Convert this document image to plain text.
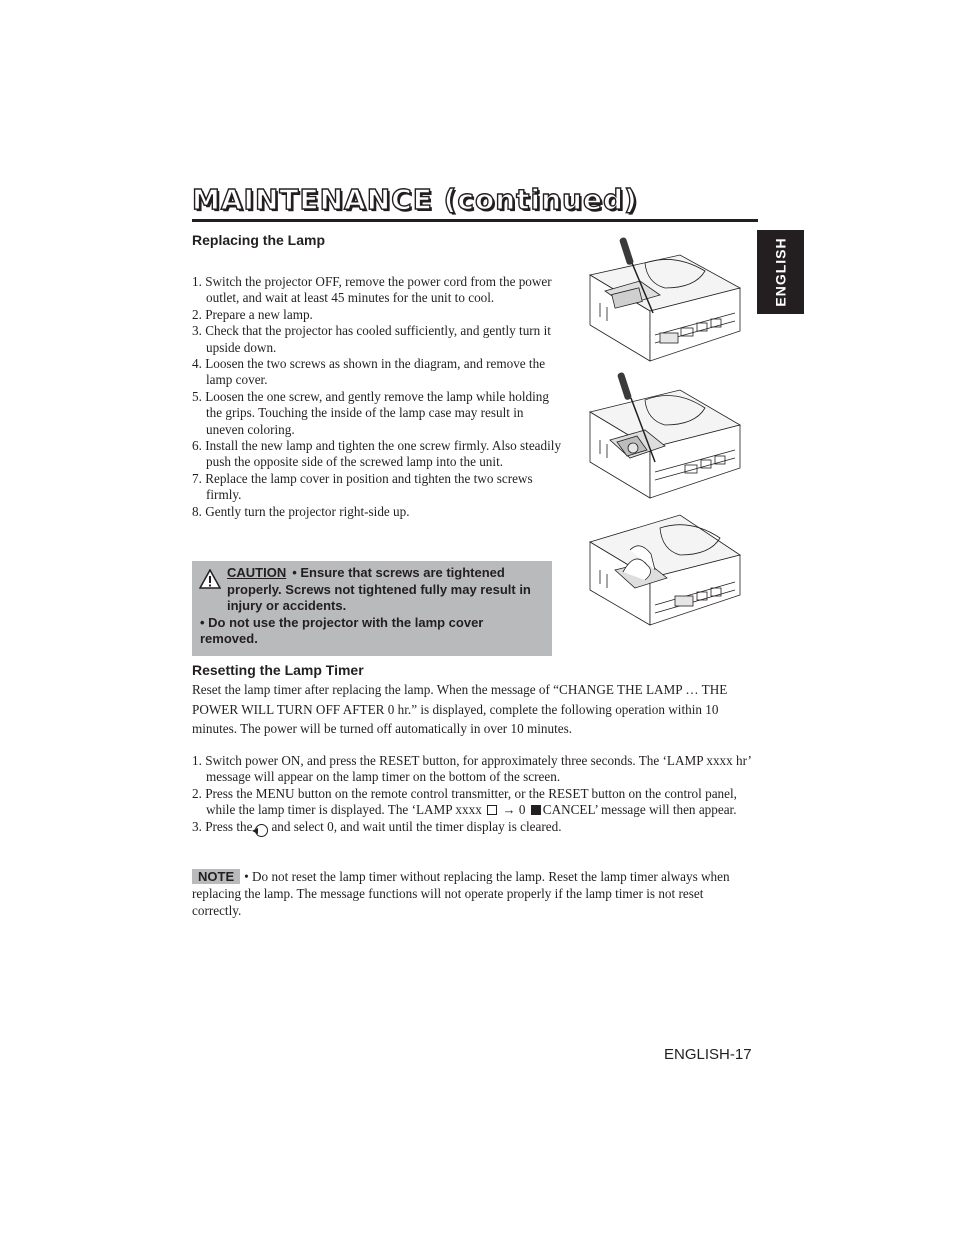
MAINTENANCE (continued)
ENGLISH
Replacing the Lamp
1. Switch the projector OFF, remove the power cord from the power outlet, and wait at least 45 minutes for the unit to cool.
2. Prepare a new lamp.
3. Check that the projector has cooled sufficiently, and gently turn it upside down.
4. Loosen the two screws as shown in the diagram, and remove the lamp cover.
5. Loosen the one screw, and gently remove the lamp while holding the grips. Touching the inside of the lamp case may result in uneven coloring.
6. Install the new lamp and tighten the one screw firmly. Also steadily push the opposite side of the screwed lamp into the unit.
7. Replace the lamp cover in position and tighten the two screws firmly.
8. Gently turn the projector right-side up.
CAUTION • Ensure that screws are tightened properly. Screws not tightened fully may result in injury or accidents.
• Do not use the projector with the lamp cover removed.
Resetting the Lamp Timer
Reset the lamp timer after replacing the lamp. When the message of “CHANGE THE LAMP … THE POWER WILL TURN OFF AFTER 0 hr.” is displayed, complete the following operation within 10 minutes. The power will be turned off automatically in over 10 minutes.
1. Switch power ON, and press the RESET button, for approximately three seconds. The ‘LAMP xxxx hr’ message will appear on the lamp timer on the bottom of the screen.
2. Press the MENU button on the remote control transmitter, or the RESET button on the control panel, while the lamp timer is displayed. The ‘LAMP xxxx → 0 CANCEL’ message will then appear.
3. Press the◀ and select 0, and wait until the timer display is cleared.
NOTE • Do not reset the lamp timer without replacing the lamp. Reset the lamp timer always when replacing the lamp. The message functions will not operate properly if the lamp timer is not reset correctly.
ENGLISH-17
